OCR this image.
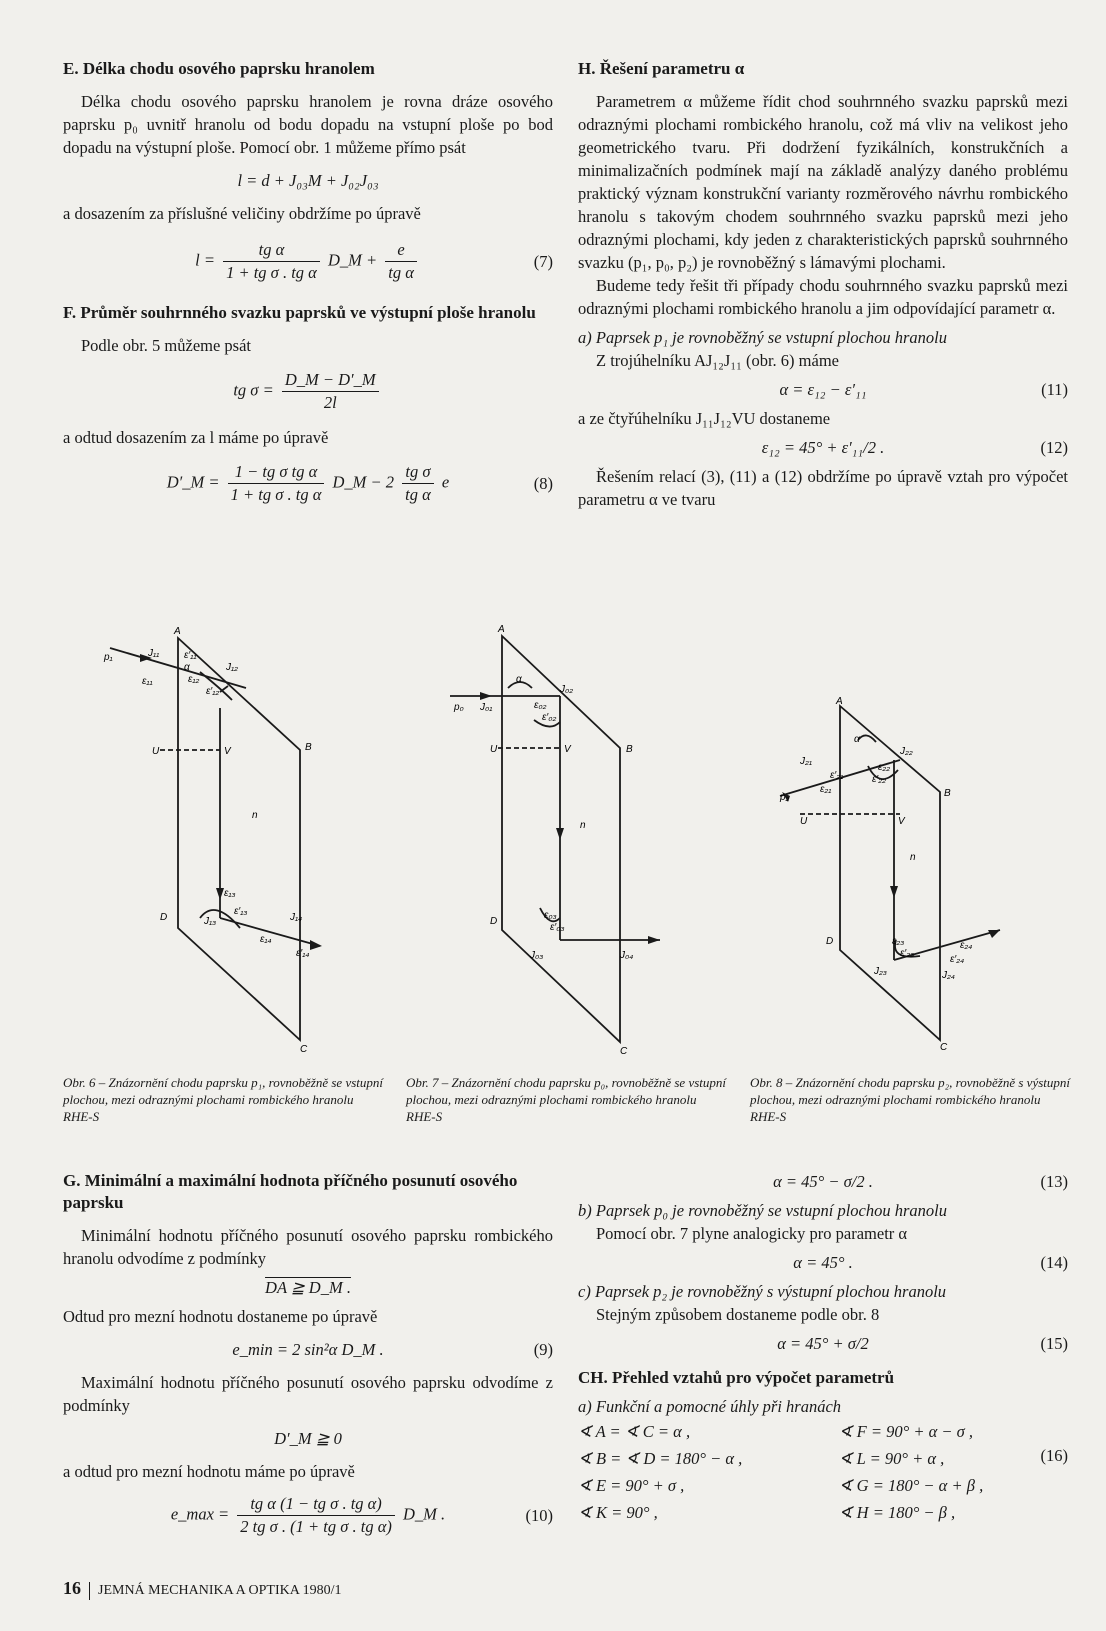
E. Délka chodu osového paprsku hranolem

Délka chodu osového paprsku hranolem je rovna dráze osového paprsku p₀ uvnitř hranolu od bodu dopadu na vstupní ploše po bod dopadu na výstupní ploše. Pomocí obr. 1 můžeme přímo psát

l = d + J₀₃M + J₀₂J₀₃

a dosazením za příslušné veličiny obdržíme po úpravě

$l = \frac{\text{tg α}}{\text{1 + tg σ . tg α}}$ D_M + $\frac{e}{\text{tg α}}$	(7)
F. Průměr souhrnného svazku paprsků ve výstupní ploše hranolu

Podle obr. 5 můžeme psát

tg $\sigma = \frac{D\_M - D'\_M}{2l}$

a odtud dosazením za l máme po úpravě

D′_M = $\frac{\text{1 − tg σ tg α}}{\text{1 + tg σ . tg α}}$ D_M − $2 \frac{\text{tg σ}}{\text{tg α}}$ e	(8)
H. Řešení parametru α

Parametrem α můžeme řídit chod souhrnného svazku paprsků mezi odraznými plochami rombického hranolu, což má vliv na velikost jeho geometrického tvaru. Při dodržení fyzikálních, konstrukčních a minimalizačních podmínek mají na základě analýzy daného problému praktický význam konstrukční varianty rozměrového návrhu rombického hranolu s takovým chodem souhrnného svazku paprsků mezi jeho odraznými plochami, kdy jeden z charakteristických paprsků souhrnného svazku (p₁, p₀, p₂) je rovnoběžný s lámavými plochami.

Budeme tedy řešit tři případy chodu souhrnného svazku paprsků mezi odraznými plochami rombického hranolu a jim odpovídající parametr α.

a) Paprsek p₁ je rovnoběžný se vstupní plochou hranolu

Z trojúhelníku AJ₁₂J₁₁ (obr. 6) máme

α = ε₁₂ − ε′₁₁	(11)

a ze čtyřúhelníku J₁₁J₁₂VU dostaneme

ε₁₂ = 45° + ε′₁₁/2 .	(12)

Řešením relací (3), (11) a (12) obdržíme po úpravě vztah pro výpočet parametru α ve tvaru

A
B
C
D
U	V
n
α
p₁	J₁₁
J₁₂
J₁₃	J₁₄
ε₁₁
ε′₁₁
ε₁₂
ε′₁₂
ε₁₃
ε′₁₃
ε₁₄
ε′₁₄
A
B
C
D
U	V
n
α
p₀ J₀₁
J₀₂
J₀₃	J₀₄
ε₀₂
ε′₀₂
ε₀₃
ε′₀₃
A
B
C
D
U	V
n
α
p₂
J₂₁
J₂₂
J₂₃	J₂₄
ε₂₁
ε′₂₁
ε₂₂
ε′₂₂
ε₂₃
ε′₂₃
ε₂₄
ε′₂₄
Obr. 6 – Znázornění chodu paprsku p₁, rovnoběžně se vstupní plochou, mezi odraznými plochami rombického hranolu RHE-S
Obr. 7 – Znázornění chodu paprsku p₀, rovnoběžně se vstupní plochou, mezi odraznými plochami rombického hranolu RHE-S
Obr. 8 – Znázornění chodu paprsku p₂, rovnoběžně s výstupní plochou, mezi odraznými plochami rombického hranolu RHE-S
G. Minimální a maximální hodnota příčného posunutí osového paprsku

Minimální hodnotu příčného posunutí osového paprsku rombického hranolu odvodíme z podmínky

DA ≧ D_M .

Odtud pro mezní hodnotu dostaneme po úpravě

e_min = 2 sin²α D_M .	(9)

Maximální hodnotu příčného posunutí osového paprsku odvodíme z podmínky

D′_M ≧ 0

a odtud pro mezní hodnotu máme po úpravě

e_max = $\frac{\text{tg α (1 − tg σ . tg α)}}{\text{2 tg σ . (1 + tg σ . tg α)}}$ D_M .	(10)
α = 45° − σ/2 .	(13)

b) Paprsek p₀ je rovnoběžný se vstupní plochou hranolu

Pomocí obr. 7 plyne analogicky pro parametr α

α = 45° .	(14)

c) Paprsek p₂ je rovnoběžný s výstupní plochou hranolu

Stejným způsobem dostaneme podle obr. 8

α = 45° + σ/2	(15)
CH. Přehled vztahů pro výpočet parametrů

a) Funkční a pomocné úhly při hranách

∢ A = ∢ C = α ,	∢ F = 90° + α − σ ,
∢ B = ∢ D = 180° − α ,	∢ L = 90° + α ,
∢ E = 90° + σ ,	∢ G = 180° − α + β ,
∢ K = 90° ,	∢ H = 180° − β ,
(16)
16 JEMNÁ MECHANIKA A OPTIKA 1980/1
